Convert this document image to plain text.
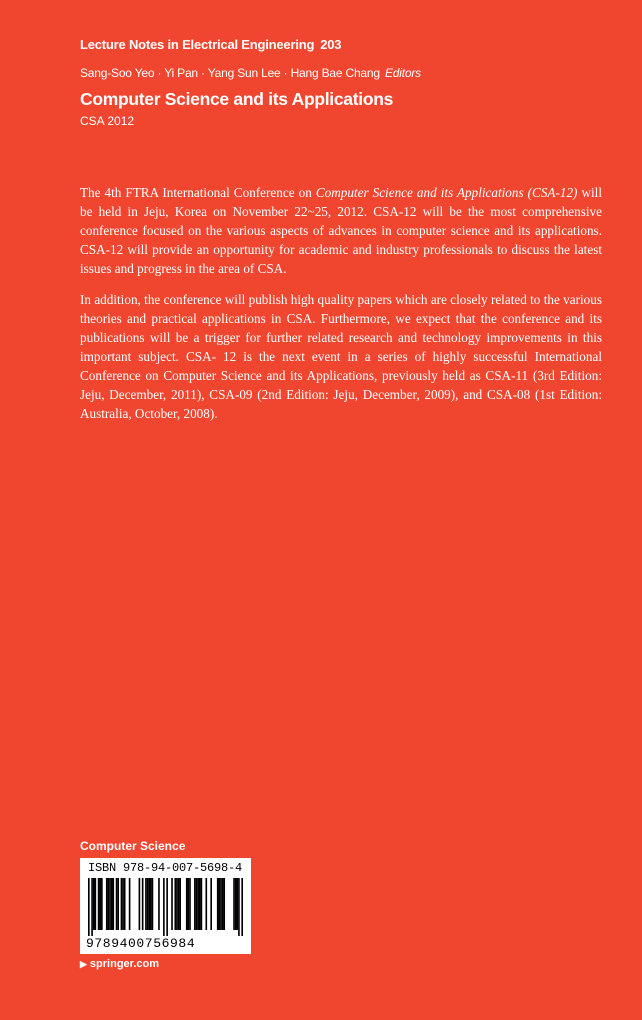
Lecture Notes in Electrical Engineering 203
Sang-Soo Yeo · Yi Pan · Yang Sun Lee · Hang Bae Chang Editors
Computer Science and its Applications
CSA 2012

The 4th FTRA International Conference on Computer Science and its Applications (CSA-12) will be held in Jeju, Korea on November 22~25, 2012. CSA-12 will be the most comprehensive conference focused on the various aspects of advances in computer science and its applications. CSA-12 will provide an opportunity for academic and industry professionals to discuss the latest issues and progress in the area of CSA.

In addition, the conference will publish high quality papers which are closely related to the various theories and practical applications in CSA. Furthermore, we expect that the conference and its publications will be a trigger for further related research and technology improvements in this important subject. CSA- 12 is the next event in a series of highly successful International Conference on Computer Science and its Applications, previously held as CSA-11 (3rd Edition: Jeju, December, 2011), CSA-09 (2nd Edition: Jeju, December, 2009), and CSA-08 (1st Edition: Australia, October, 2008).

Computer Science
ISBN 978-94-007-5698-4
9789400756984
▶ springer.com
